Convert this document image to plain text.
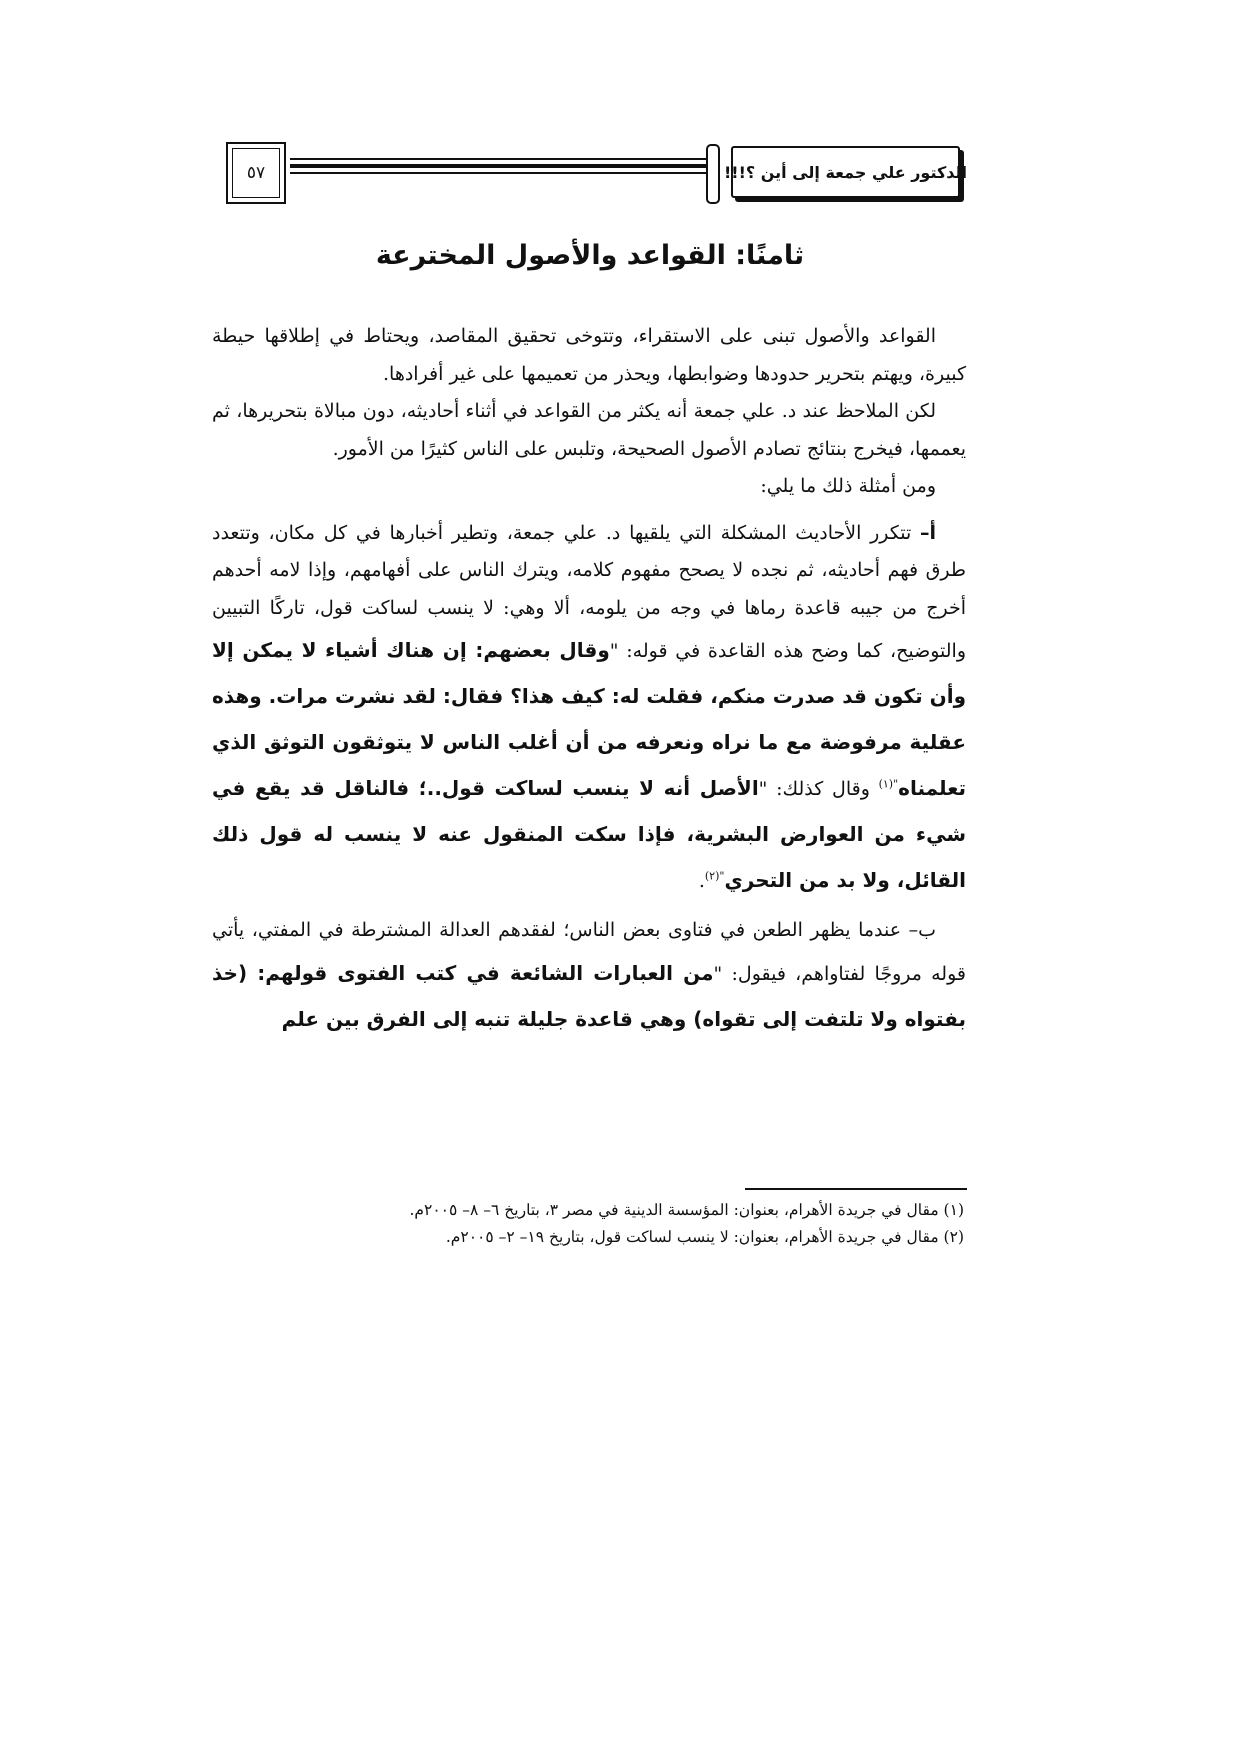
٥٧	الدكتور علي جمعة إلى أين ؟!!!
ثامنًا: القواعد والأصول المخترعة

القواعد والأصول تبنى على الاستقراء، وتتوخى تحقيق المقاصد، ويحتاط في إطلاقها حيطة كبيرة، ويهتم بتحرير حدودها وضوابطها، ويحذر من تعميمها على غير أفرادها.

لكن الملاحظ عند د. علي جمعة أنه يكثر من القواعد في أثناء أحاديثه، دون مبالاة بتحريرها، ثم يعممها، فيخرج بنتائج تصادم الأصول الصحيحة، وتلبس على الناس كثيرًا من الأمور.

ومن أمثلة ذلك ما يلي:

أ– تتكرر الأحاديث المشكلة التي يلقيها د. علي جمعة، وتطير أخبارها في كل مكان، وتتعدد طرق فهم أحاديثه، ثم نجده لا يصحح مفهوم كلامه، ويترك الناس على أفهامهم، وإذا لامه أحدهم أخرج من جيبه قاعدة رماها في وجه من يلومه، ألا وهي: لا ينسب لساكت قول، تاركًا التبيين والتوضيح، كما وضح هذه القاعدة في قوله: "وقال بعضهم: إن هناك أشياء لا يمكن إلا وأن تكون قد صدرت منكم، فقلت له: كيف هذا؟ فقال: لقد نشرت مرات. وهذه عقلية مرفوضة مع ما نراه ونعرفه من أن أغلب الناس لا يتوثقون التوثق الذي تعلمناه$^{"(١)}$ وقال كذلك: "الأصل أنه لا ينسب لساكت قول..؛ فالناقل قد يقع في شيء من العوارض البشرية، فإذا سكت المنقول عنه لا ينسب له قول ذلك القائل، ولا بد من التحري$^{"(٢)}$.

ب– عندما يظهر الطعن في فتاوى بعض الناس؛ لفقدهم العدالة المشترطة في المفتي، يأتي قوله مروجًا لفتاواهم، فيقول: "من العبارات الشائعة في كتب الفتوى قولهم: (خذ بفتواه ولا تلتفت إلى تقواه) وهي قاعدة جليلة تنبه إلى الفرق بين علم

(١) مقال في جريدة الأهرام، بعنوان: المؤسسة الدينية في مصر ٣، بتاريخ ٦– ٨– ٢٠٠٥م.

(٢) مقال في جريدة الأهرام، بعنوان: لا ينسب لساكت قول، بتاريخ ١٩– ٢– ٢٠٠٥م.
